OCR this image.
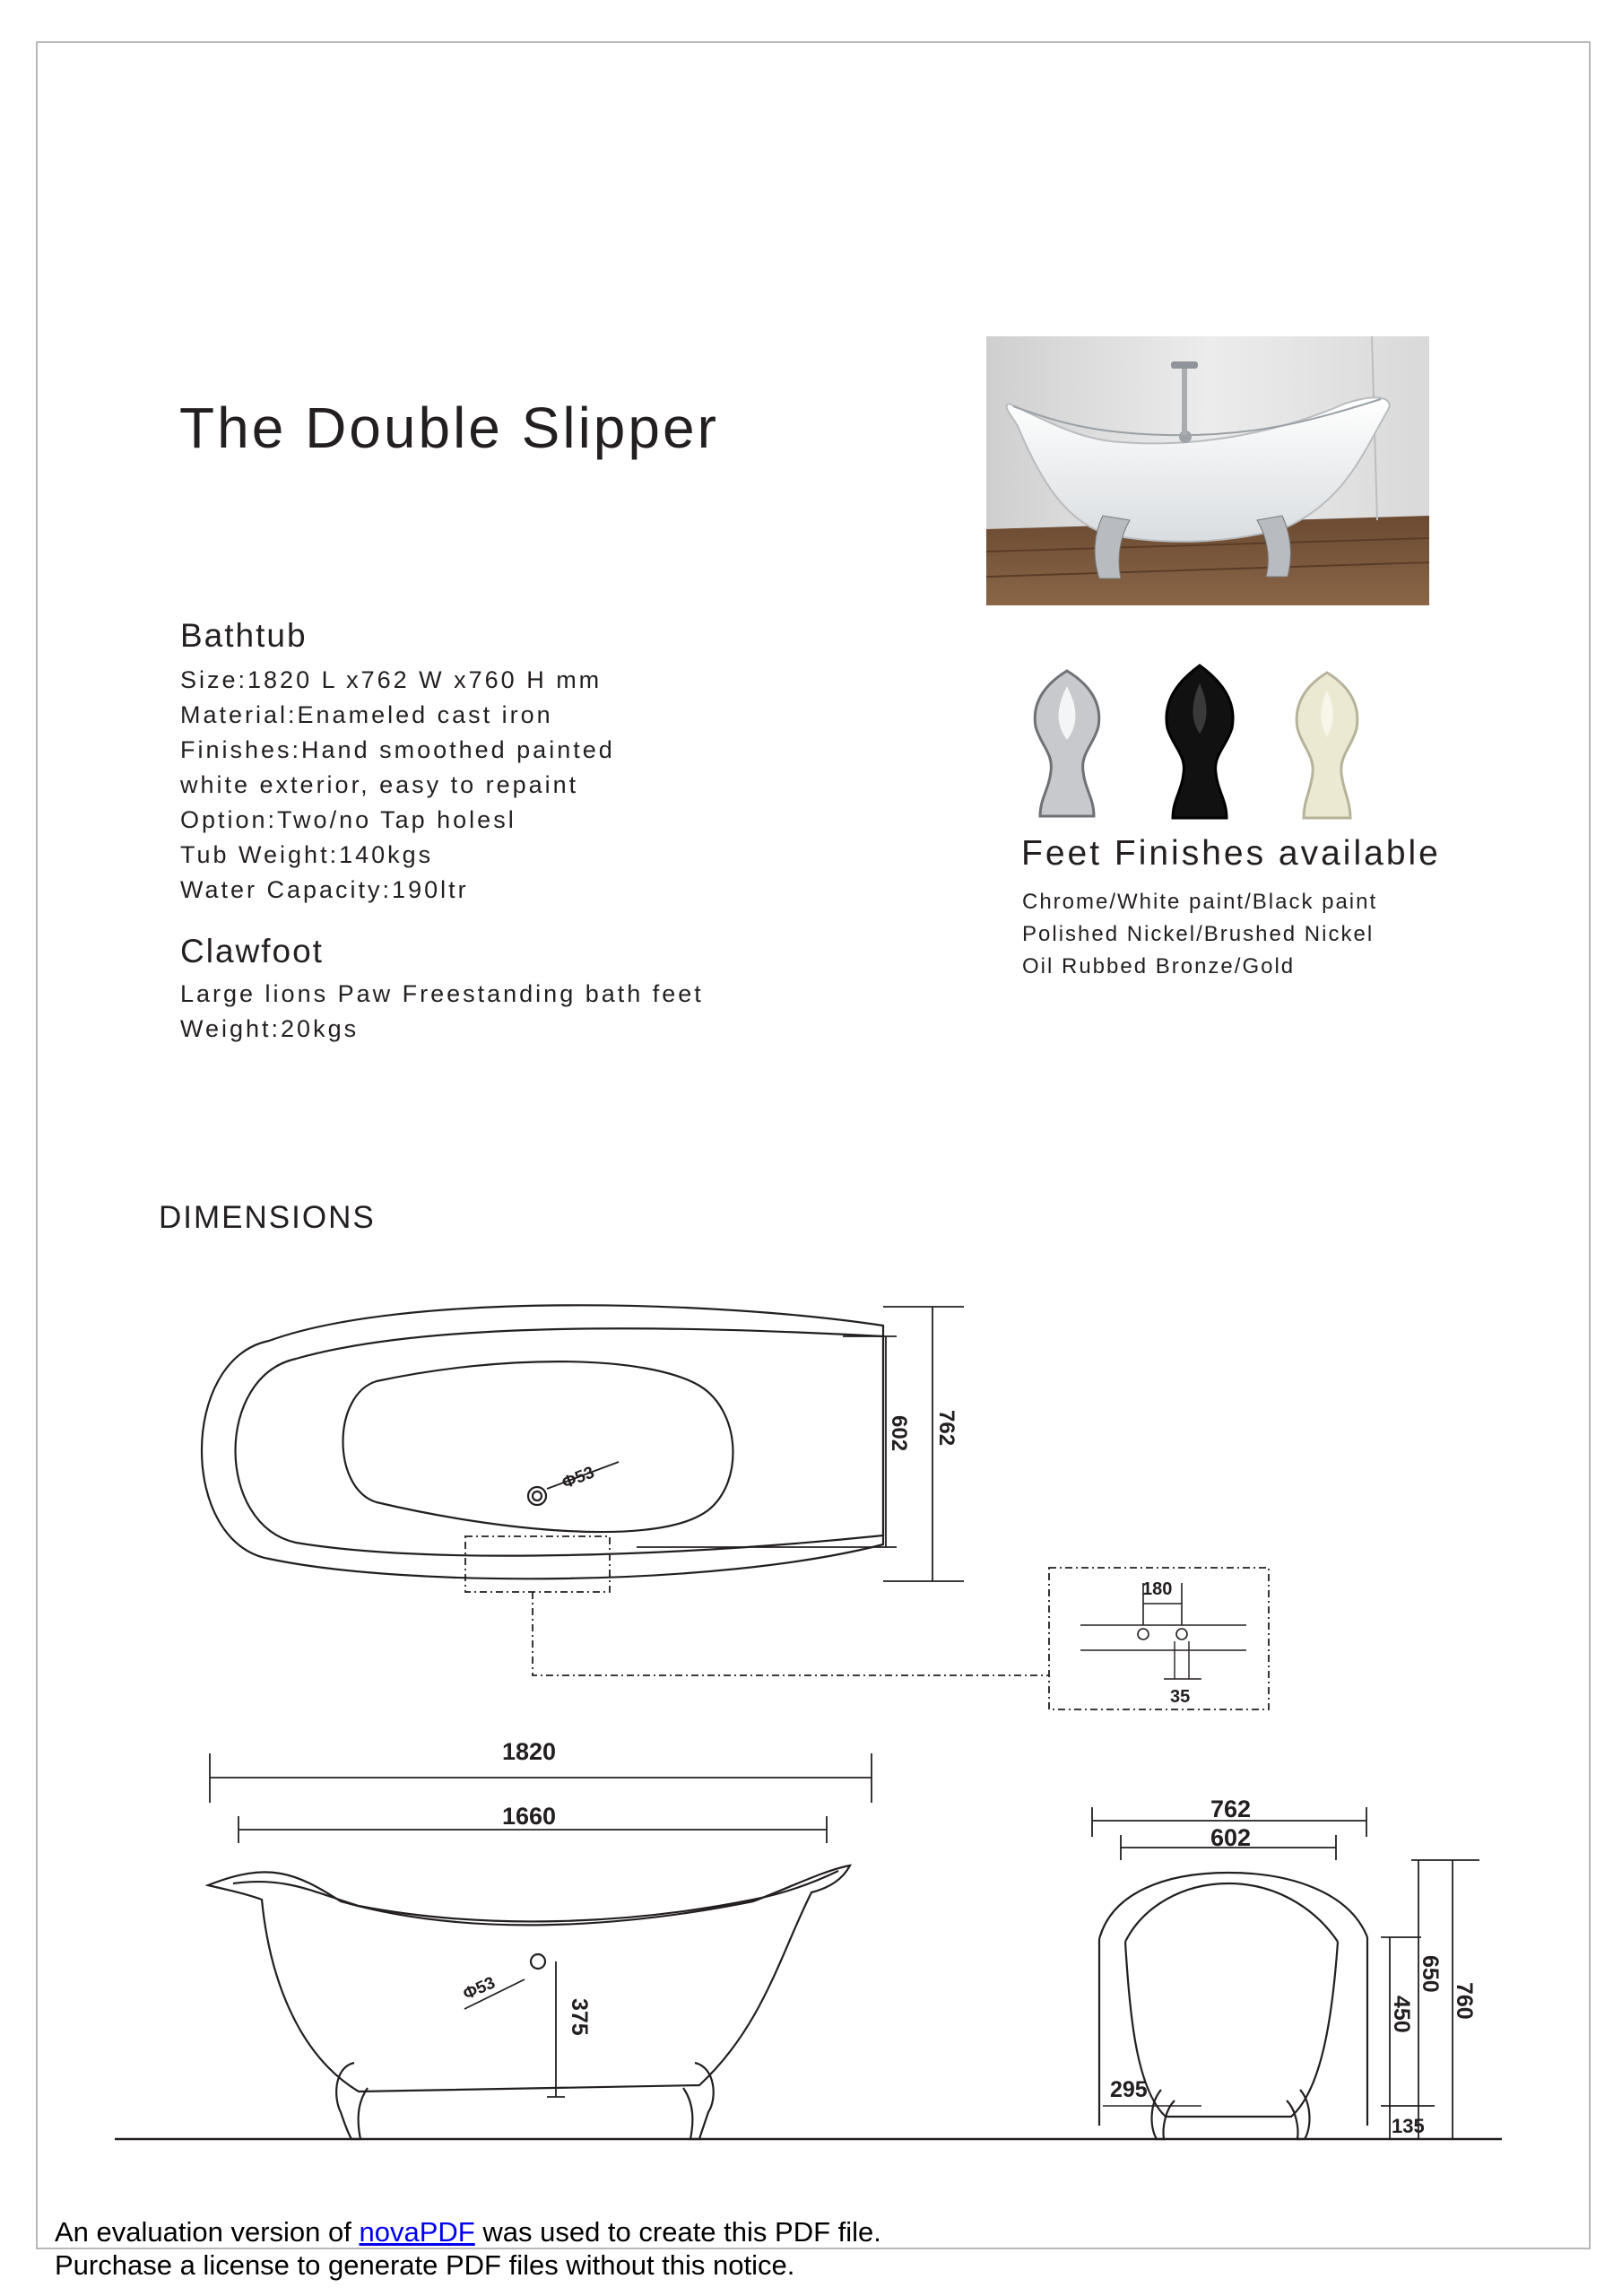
The Double Slipper
Bathtub
Size:1820 L x762 W x760 H mm
Material:Enameled cast iron
Finishes:Hand smoothed painted
white exterior, easy to repaint
Option:Two/no Tap holesl
Tub Weight:140kgs
Water Capacity:190ltr
Clawfoot
Large lions Paw Freestanding bath feet
Weight:20kgs
Feet Finishes available
Chrome/White paint/Black paint
Polished Nickel/Brushed Nickel
Oil Rubbed Bronze/Gold
DIMENSIONS
602 762
Φ53
180
35
1820
1660
Φ53
375
762
602
650
760
450
135
295
An evaluation version of novaPDF was used to create this PDF file.
Purchase a license to generate PDF files without this notice.
